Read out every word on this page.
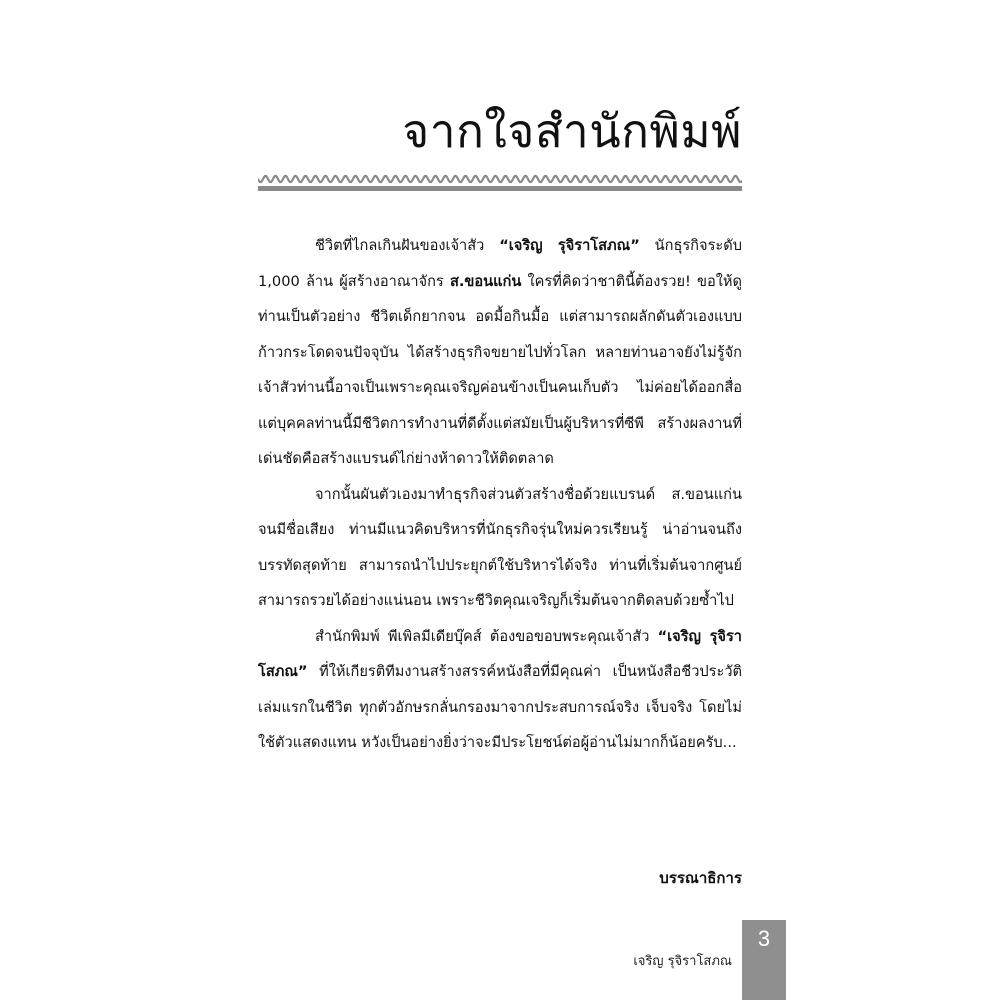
จากใจสำนักพิมพ์

ชีวิตที่ไกลเกินฝันของเจ้าสัว “เจริญ รุจิราโสภณ” นักธุรกิจระดับ 1,000 ล้าน ผู้สร้างอาณาจักร ส.ขอนแก่น ใครที่คิดว่าชาตินี้ต้องรวย! ขอให้ดูท่านเป็นตัวอย่าง ชีวิตเด็กยากจน อดมื้อกินมื้อ แต่สามารถผลักดันตัวเองแบบก้าวกระโดดจนปัจจุบัน ได้สร้างธุรกิจขยายไปทั่วโลก หลายท่านอาจยังไม่รู้จักเจ้าสัวท่านนี้อาจเป็นเพราะคุณเจริญค่อนข้างเป็นคนเก็บตัว ไม่ค่อยได้ออกสื่อ แต่บุคคลท่านนี้มีชีวิตการทำงานที่ดีตั้งแต่สมัยเป็นผู้บริหารที่ซีพี สร้างผลงานที่เด่นชัดคือสร้างแบรนด์ไก่ย่างห้าดาวให้ติดตลาด

จากนั้นผันตัวเองมาทำธุรกิจส่วนตัวสร้างชื่อด้วยแบรนด์ ส.ขอนแก่นจนมีชื่อเสียง ท่านมีแนวคิดบริหารที่นักธุรกิจรุ่นใหม่ควรเรียนรู้ น่าอ่านจนถึงบรรทัดสุดท้าย สามารถนำไปประยุกต์ใช้บริหารได้จริง ท่านที่เริ่มต้นจากศูนย์สามารถรวยได้อย่างแน่นอน เพราะชีวิตคุณเจริญก็เริ่มต้นจากติดลบด้วยซ้ำไป

สำนักพิมพ์ พีเพิลมีเดียบุ๊คส์ ต้องขอขอบพระคุณเจ้าสัว “เจริญ รุจิราโสภณ” ที่ให้เกียรติทีมงานสร้างสรรค์หนังสือที่มีคุณค่า เป็นหนังสือชีวประวัติเล่มแรกในชีวิต ทุกตัวอักษรกลั่นกรองมาจากประสบการณ์จริง เจ็บจริง โดยไม่ใช้ตัวแสดงแทน หวังเป็นอย่างยิ่งว่าจะมีประโยชน์ต่อผู้อ่านไม่มากก็น้อยครับ...

บรรณาธิการ
เจริญ รุจิราโสภณ
3
